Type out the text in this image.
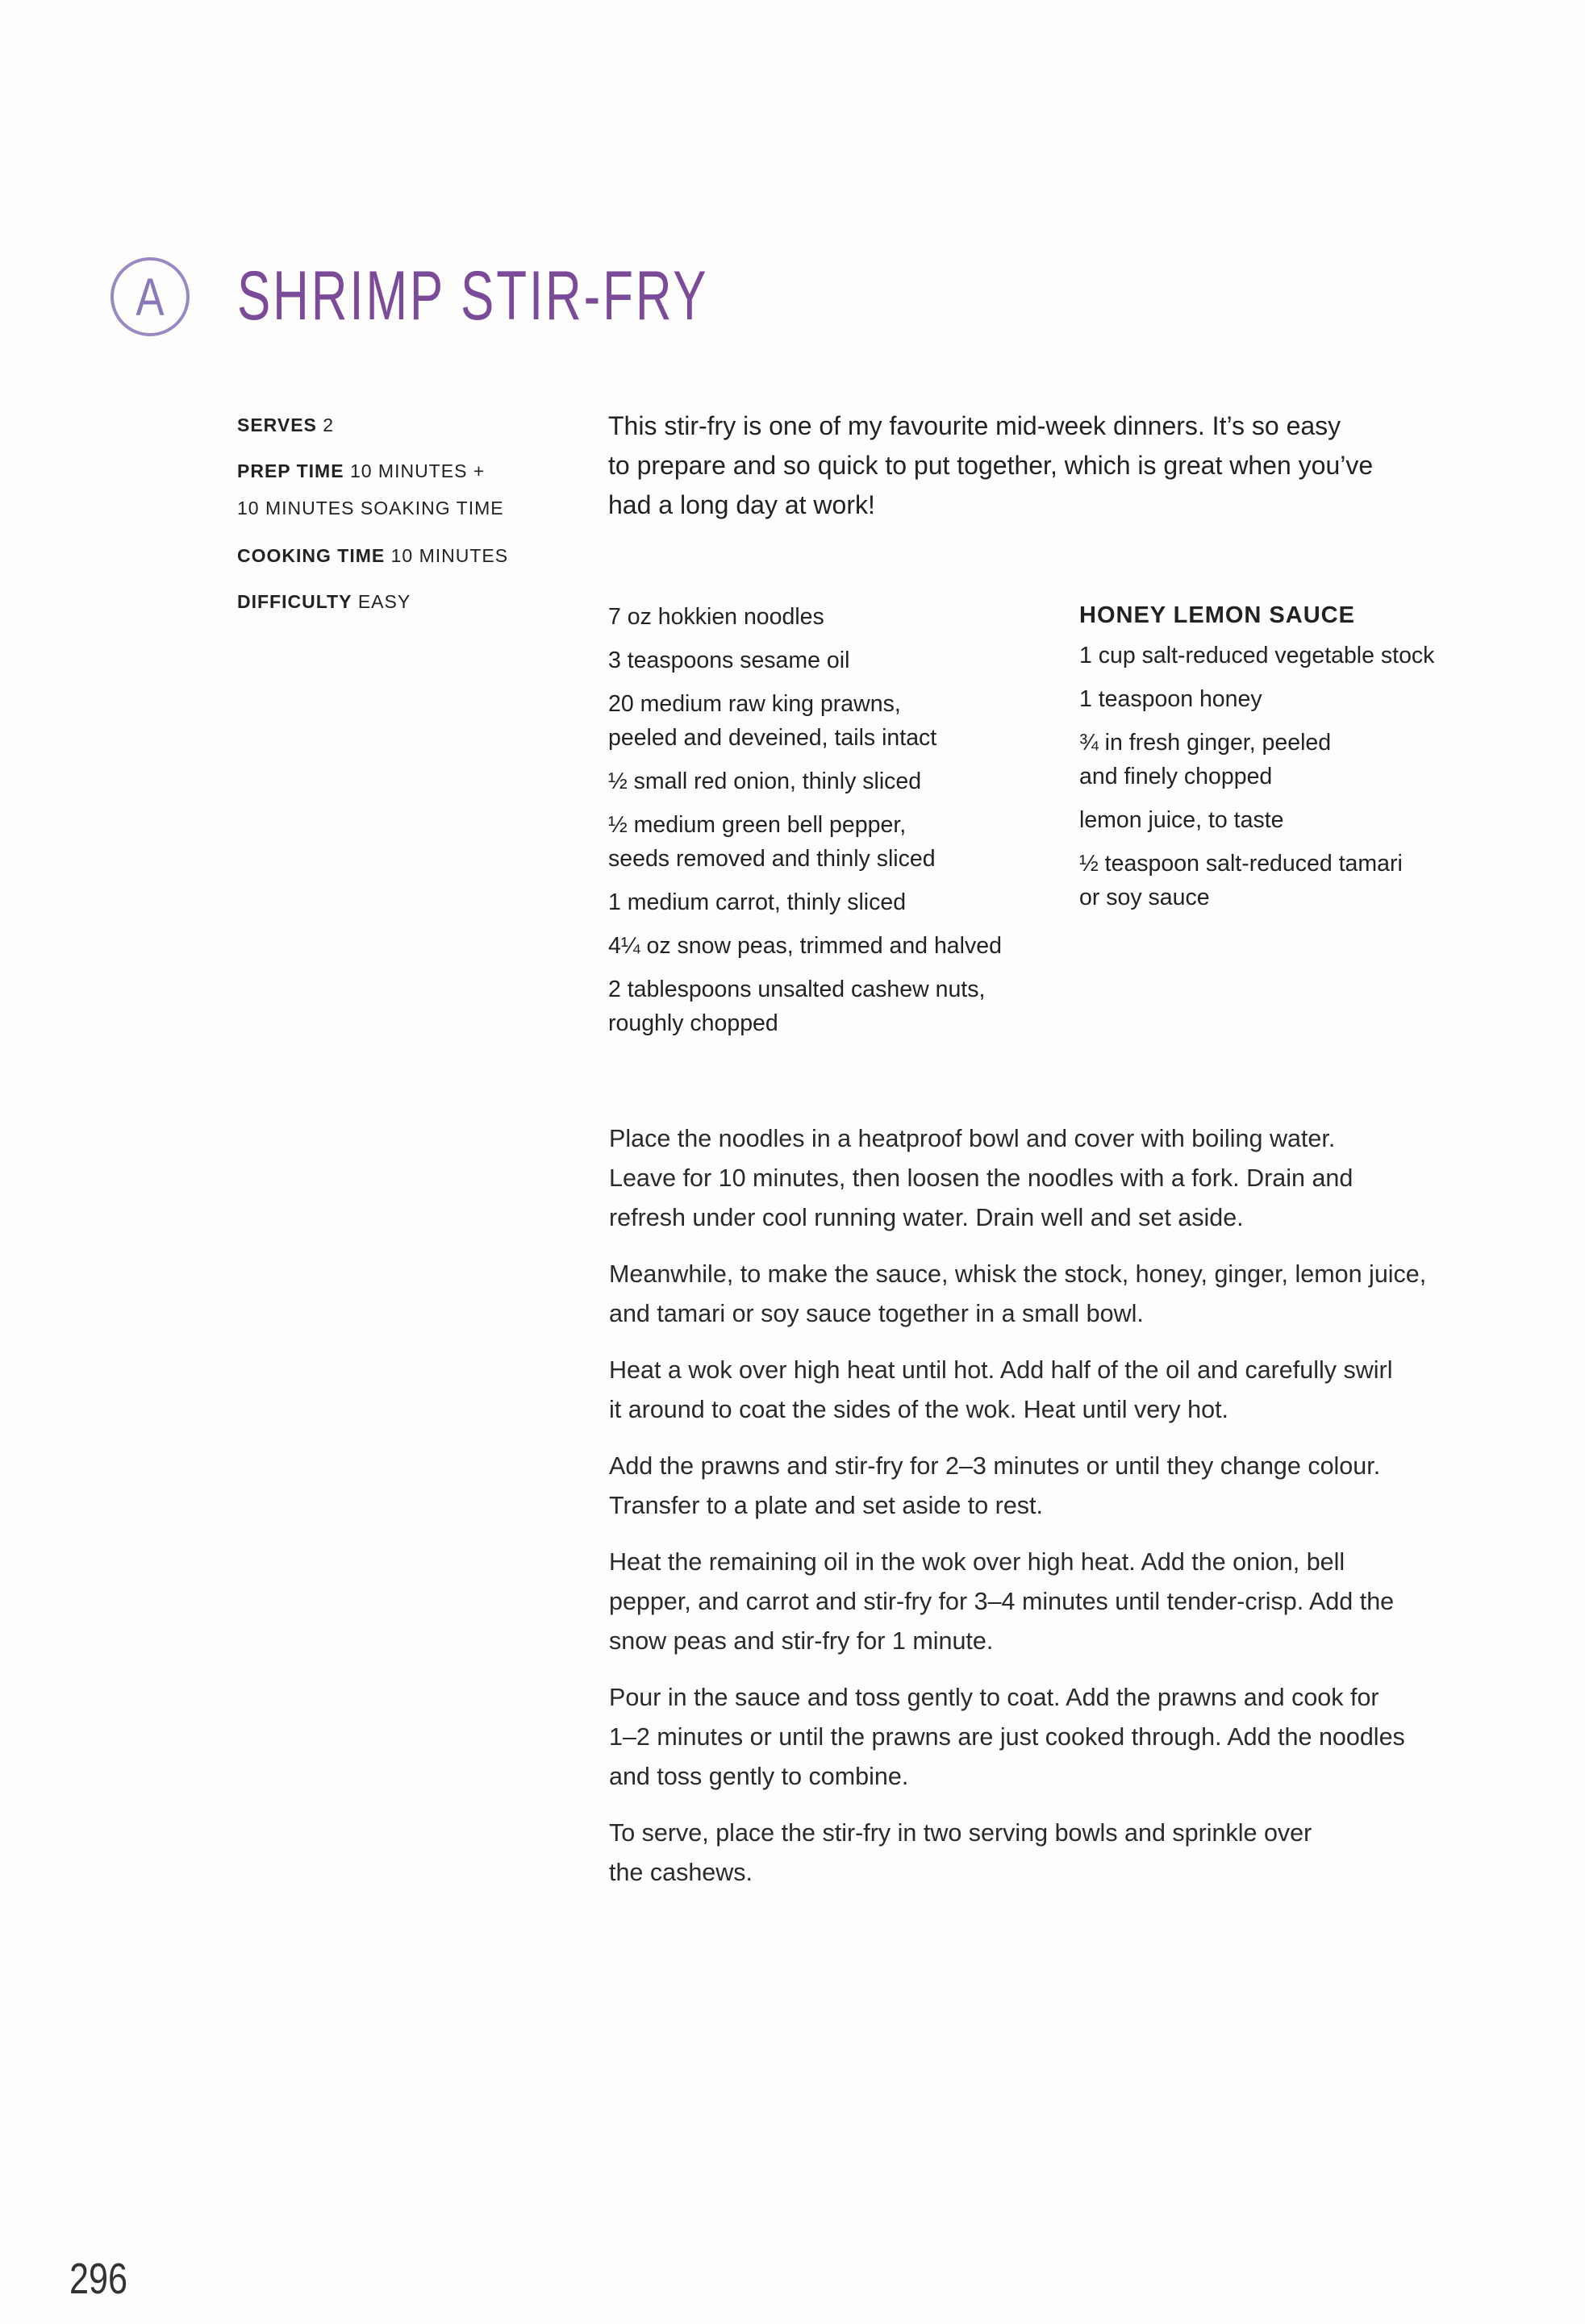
A SHRIMP STIR-FRY
SERVES 2
PREP TIME 10 MINUTES +
10 MINUTES SOAKING TIME
COOKING TIME 10 MINUTES
DIFFICULTY EASY
This stir-fry is one of my favourite mid-week dinners. It’s so easy
to prepare and so quick to put together, which is great when you’ve
had a long day at work!
7 oz hokkien noodles
3 teaspoons sesame oil
20 medium raw king prawns,
peeled and deveined, tails intact
½ small red onion, thinly sliced
½ medium green bell pepper,
seeds removed and thinly sliced
1 medium carrot, thinly sliced
4¼ oz snow peas, trimmed and halved
2 tablespoons unsalted cashew nuts,
roughly chopped
HONEY LEMON SAUCE
1 cup salt-reduced vegetable stock
1 teaspoon honey
¾ in fresh ginger, peeled
and finely chopped
lemon juice, to taste
½ teaspoon salt-reduced tamari
or soy sauce
Place the noodles in a heatproof bowl and cover with boiling water.
Leave for 10 minutes, then loosen the noodles with a fork. Drain and
refresh under cool running water. Drain well and set aside.
Meanwhile, to make the sauce, whisk the stock, honey, ginger, lemon juice,
and tamari or soy sauce together in a small bowl.
Heat a wok over high heat until hot. Add half of the oil and carefully swirl
it around to coat the sides of the wok. Heat until very hot.
Add the prawns and stir-fry for 2–3 minutes or until they change colour.
Transfer to a plate and set aside to rest.
Heat the remaining oil in the wok over high heat. Add the onion, bell
pepper, and carrot and stir-fry for 3–4 minutes until tender-crisp. Add the
snow peas and stir-fry for 1 minute.
Pour in the sauce and toss gently to coat. Add the prawns and cook for
1–2 minutes or until the prawns are just cooked through. Add the noodles
and toss gently to combine.
To serve, place the stir-fry in two serving bowls and sprinkle over
the cashews.
296
